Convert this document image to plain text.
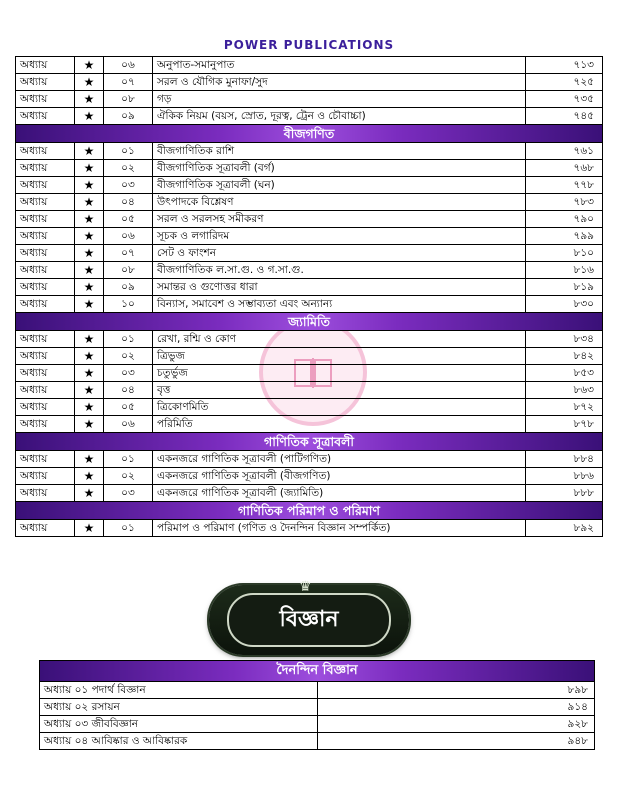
POWER PUBLICATIONS
অধ্যায়	★	০৬	অনুপাত-সমানুপাত	৭১৩
অধ্যায়	★	০৭	সরল ও যৌগিক মুনাফা/সুদ	৭২৫
অধ্যায়	★	০৮	গড়	৭৩৫
অধ্যায়	★	০৯	ঐকিক নিয়ম (বয়স, স্রোত, দূরত্ব, ট্রেন ও চৌবাচ্চা)	৭৪৫
বীজগণিত				
অধ্যায়	★	০১	বীজগাণিতিক রাশি	৭৬১
অধ্যায়	★	০২	বীজগাণিতিক সূত্রাবলী (বর্গ)	৭৬৮
অধ্যায়	★	০৩	বীজগাণিতিক সূত্রাবলী (ঘন)	৭৭৮
অধ্যায়	★	০৪	উৎপাদকে বিশ্লেষণ	৭৮৩
অধ্যায়	★	০৫	সরল ও সরলসহ সমীকরণ	৭৯০
অধ্যায়	★	০৬	সূচক ও লগারিদম	৭৯৯
অধ্যায়	★	০৭	সেট ও ফাংশন	৮১০
অধ্যায়	★	০৮	বীজগাণিতিক ল.সা.গু. ও গ.সা.গু.	৮১৬
অধ্যায়	★	০৯	সমান্তর ও গুণোত্তর ধারা	৮১৯
অধ্যায়	★	১০	বিন্যাস, সমাবেশ ও সম্ভাব্যতা এবং অন্যান্য	৮৩০
জ্যামিতি				
অধ্যায়	★	০১	রেখা, রশ্মি ও কোণ	৮৩৪
অধ্যায়	★	০২	ত্রিভুজ	৮৪২
অধ্যায়	★	০৩	চতুর্ভুজ	৮৫৩
অধ্যায়	★	০৪	বৃত্ত	৮৬৩
অধ্যায়	★	০৫	ত্রিকোণমিতি	৮৭২
অধ্যায়	★	০৬	পরিমিতি	৮৭৮
গাণিতিক সূত্রাবলী				
অধ্যায়	★	০১	একনজরে গাণিতিক সূত্রাবলী (পাটিগণিত)	৮৮৪
অধ্যায়	★	০২	একনজরে গাণিতিক সূত্রাবলী (বীজগণিত)	৮৮৬
অধ্যায়	★	০৩	একনজরে গাণিতিক সূত্রাবলী (জ্যামিতি)	৮৮৮
গাণিতিক পরিমাপ ও পরিমাণ				
অধ্যায়	★	০১	পরিমাপ ও পরিমাণ (গণিত ও দৈনন্দিন বিজ্ঞান সম্পর্কিত)	৮৯২
বিজ্ঞান
♛
দৈনন্দিন বিজ্ঞান	
অধ্যায় ০১ পদার্থ বিজ্ঞান	৮৯৮
অধ্যায় ০২ রসায়ন	৯১৪
অধ্যায় ০৩ জীববিজ্ঞান	৯২৮
অধ্যায় ০৪ আবিষ্কার ও আবিষ্কারক	৯৪৮
